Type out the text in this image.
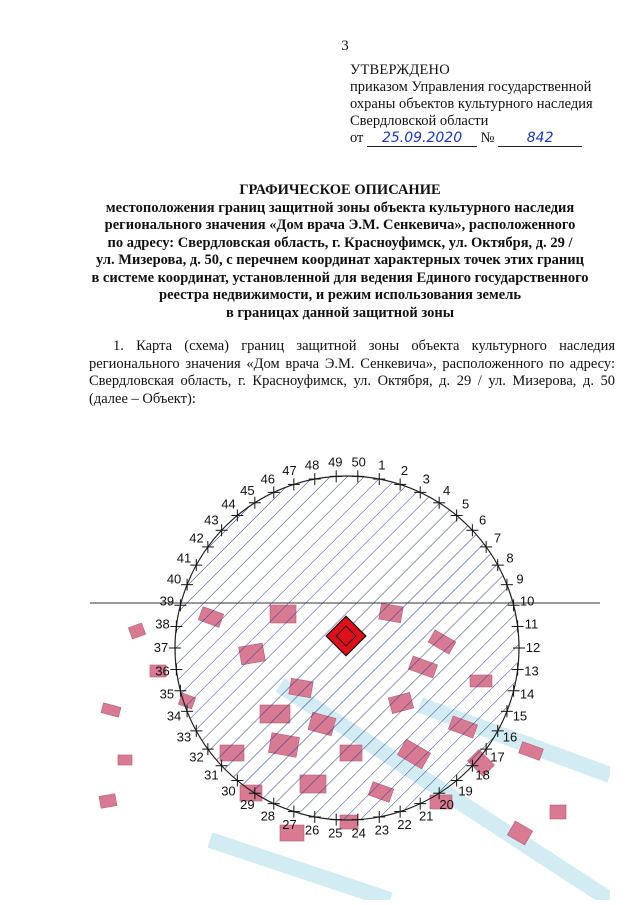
3
УТВЕРЖДЕНО
приказом Управления государственной
охраны объектов культурного наследия
Свердловской области
от 25.09.2020 № 842
ГРАФИЧЕСКОЕ ОПИСАНИЕ
местоположения границ защитной зоны объекта культурного наследия
регионального значения «Дом врача Э.М. Сенкевича», расположенного
по адресу: Свердловская область, г. Красноуфимск, ул. Октября, д. 29 /
ул. Мизерова, д. 50, с перечнем координат характерных точек этих границ
в системе координат, установленной для ведения Единого государственного
реестра недвижимости, и режим использования земель
в границах данной защитной зоны
1. Карта (схема) границ защитной зоны объекта культурного наследия регионального значения «Дом врача Э.М. Сенкевича», расположенного по адресу: Свердловская область, г. Красноуфимск, ул. Октября, д. 29 / ул. Мизерова, д. 50 (далее – Объект):
1 2
3
4
5
6
7
8
9
10
11
12
13
14
15
16
17
18
19
20
21
22
23
24
25
26
27
28
29
30
31
32
33
34
35
36
37
38
39
40
41
42
43
44
45
46
47 48 49 50
